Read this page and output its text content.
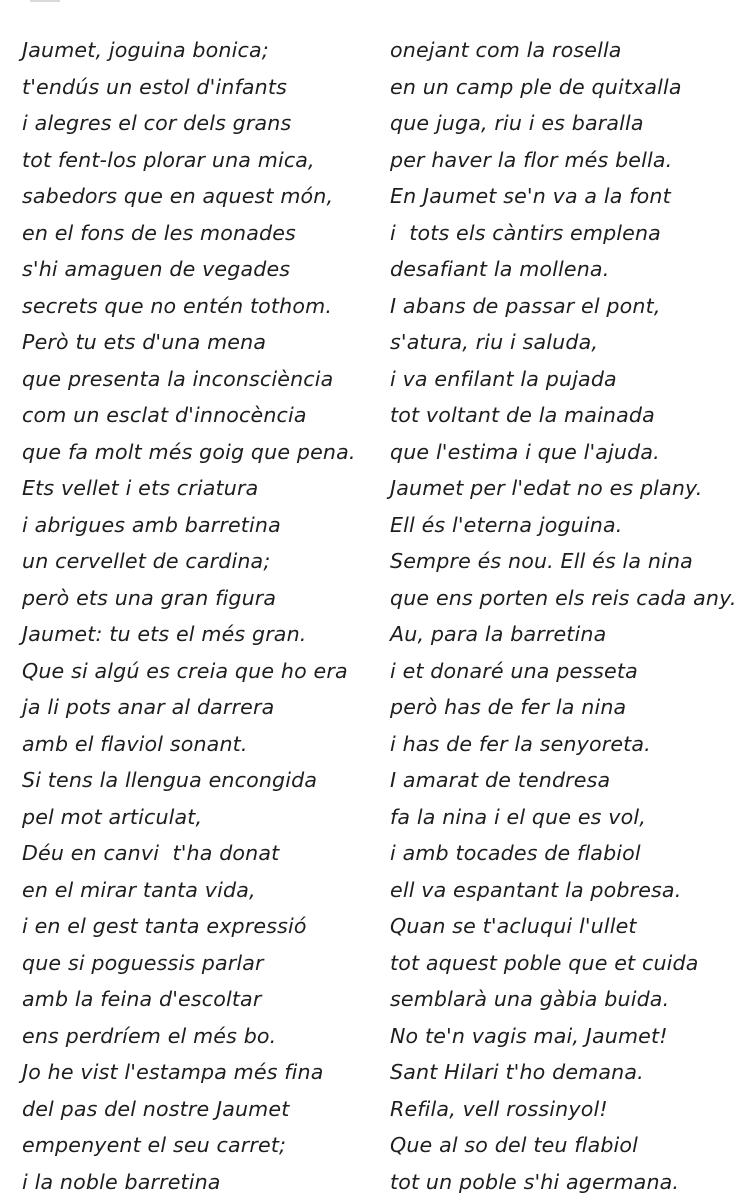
Jaumet, joguina bonica;
t'endús un estol d'infants
i alegres el cor dels grans
tot fent-los plorar una mica,
sabedors que en aquest món,
en el fons de les monades
s'hi amaguen de vegades
secrets que no entén tothom.
Però tu ets d'una mena
que presenta la inconsciència
com un esclat d'innocència
que fa molt més goig que pena.
Ets vellet i ets criatura
i abrigues amb barretina
un cervellet de cardina;
però ets una gran figura
Jaumet: tu ets el més gran.
Que si algú es creia que ho era
ja li pots anar al darrera
amb el flaviol sonant.
Si tens la llengua encongida
pel mot articulat,
Déu en canvi  t'ha donat
en el mirar tanta vida,
i en el gest tanta expressió
que si poguessis parlar
amb la feina d'escoltar
ens perdríem el més bo.
Jo he vist l'estampa més fina
del pas del nostre Jaumet
empenyent el seu carret;
i la noble barretina
onejant com la rosella
en un camp ple de quitxalla
que juga, riu i es baralla
per haver la flor més bella.
En Jaumet se'n va a la font
i  tots els càntirs emplena
desafiant la mollena.
I abans de passar el pont,
s'atura, riu i saluda,
i va enfilant la pujada
tot voltant de la mainada
que l'estima i que l'ajuda.
Jaumet per l'edat no es plany.
Ell és l'eterna joguina.
Sempre és nou. Ell és la nina
que ens porten els reis cada any.
Au, para la barretina
i et donaré una pesseta
però has de fer la nina
i has de fer la senyoreta.
I amarat de tendresa
fa la nina i el que es vol,
i amb tocades de flabiol
ell va espantant la pobresa.
Quan se t'acluqui l'ullet
tot aquest poble que et cuida
semblarà una gàbia buida.
No te'n vagis mai, Jaumet!
Sant Hilari t'ho demana.
Refila, vell rossinyol!
Que al so del teu flabiol
tot un poble s'hi agermana.
